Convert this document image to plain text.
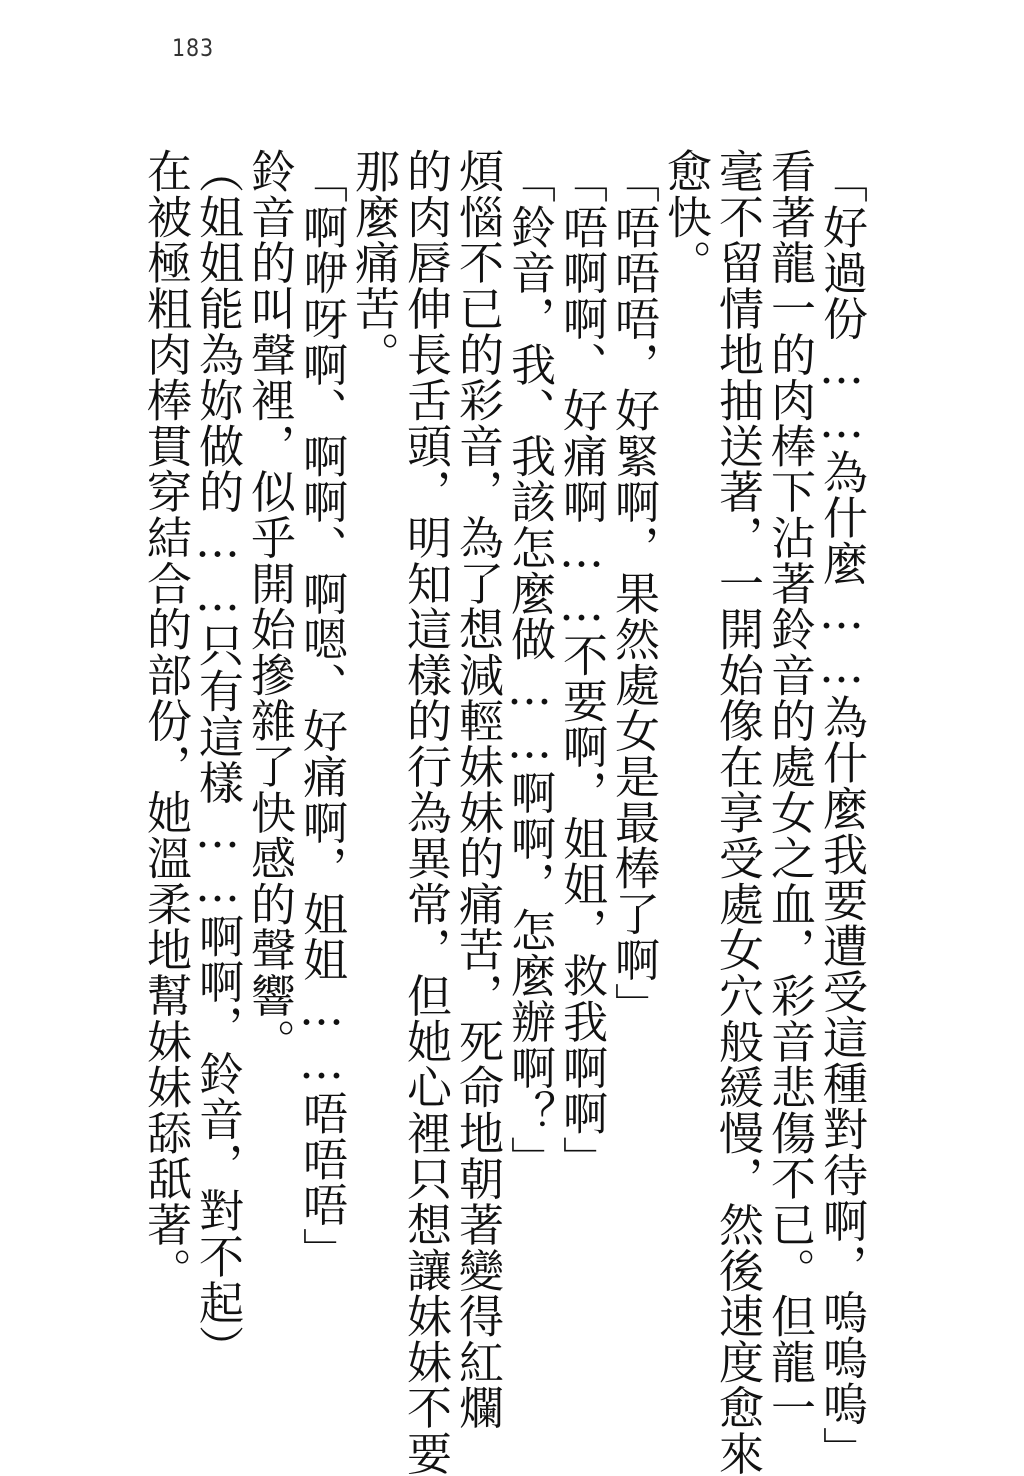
183
「好過份……為什麼……為什麼我要遭受這種對待啊，嗚嗚嗚」
看著龍一的肉棒下沾著鈴音的處女之血，彩音悲傷不已。但龍一
毫不留情地抽送著，一開始像在享受處女穴般緩慢，然後速度愈來
愈快。
「唔唔唔，好緊啊，果然處女是最棒了啊」
「唔啊啊、好痛啊……不要啊，姐姐，救我啊啊」
「鈴音，我、我該怎麼做……啊啊，怎麼辦啊？」
煩惱不已的彩音，為了想減輕妹妹的痛苦，死命地朝著變得紅爛
的肉唇伸長舌頭，明知這樣的行為異常，但她心裡只想讓妹妹不要
那麼痛苦。
「啊咿呀啊、啊啊、啊嗯、好痛啊，姐姐……唔唔唔」
鈴音的叫聲裡，似乎開始摻雜了快感的聲響。
（姐姐能為妳做的……只有這樣……啊啊，鈴音，對不起）
在被極粗肉棒貫穿結合的部份，她溫柔地幫妹妹舔舐著。
